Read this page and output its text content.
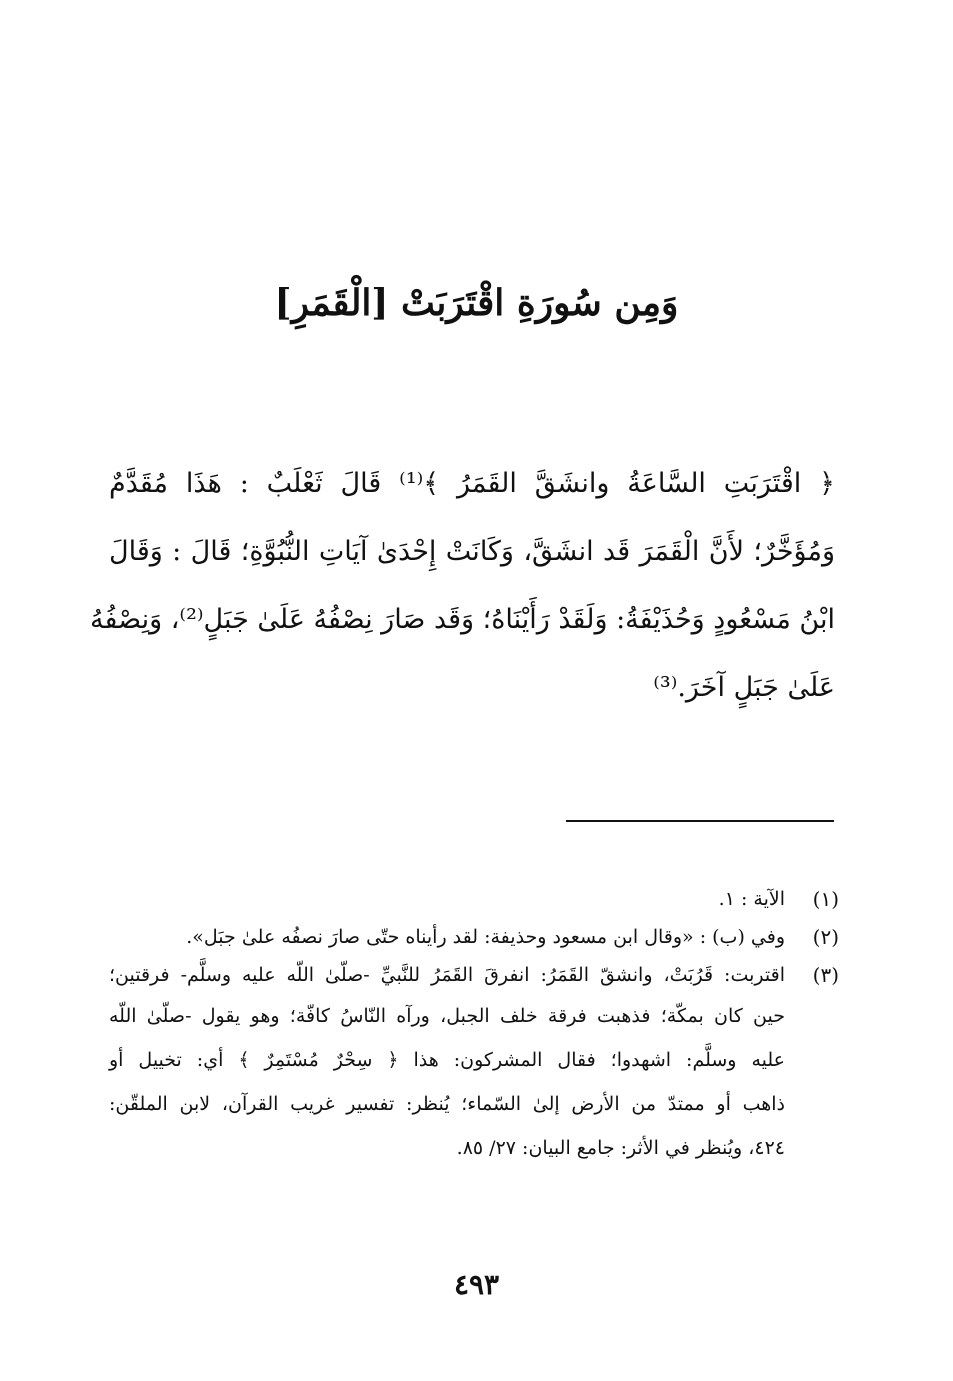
وَمِن سُورَةِ اقْتَرَبَتْ [الْقَمَرِ]
﴿ اقْتَرَبَتِ السَّاعَةُ وانشَقَّ القَمَرُ ﴾⁽¹⁾ قَالَ ثَعْلَبٌ : هَذَا مُقَدَّمٌ
وَمُؤَخَّرٌ؛ لأَنَّ الْقَمَرَ قَد انشَقَّ، وَكَانَتْ إِحْدَىٰ آيَاتِ النُّبُوَّةِ؛ قَالَ : وَقَالَ
ابْنُ مَسْعُودٍ وَحُذَيْفَةُ: وَلَقَدْ رَأَيْنَاهُ؛ وَقَد صَارَ نِصْفُهُ عَلَىٰ جَبَلٍ⁽²⁾، وَنِصْفُهُ
عَلَىٰ جَبَلٍ آخَرَ.⁽³⁾
(١)
الآية : ١.
(٢)
وفي (ب) : «وقال ابن مسعود وحذيفة: لقد رأيناه حتّى صارَ نصفُه علىٰ جبَل».
(٣)
اقتربت: قَرُبَتْ، وانشقّ القَمَرُ: انفرقَ القَمَرُ للنَّبيِّ -صلّىٰ اللّه عليه وسلَّم- فرقتين؛
حين كان بمكّة؛ فذهبت فرقة خلف الجبل، ورآه النّاسُ كافّة؛ وهو يقول -صلّىٰ اللّه
عليه وسلَّم: اشهدوا؛ فقال المشركون: هذا ﴿ سِحْرٌ مُسْتَمِرٌ ﴾ أي: تخييل أو
ذاهب أو ممتدّ من الأرض إلىٰ السّماء؛ يُنظر: تفسير غريب القرآن، لابن الملقّن:
٤٢٤، ويُنظر في الأثر: جامع البيان: ٢٧/ ٨٥.
٤٩٣
